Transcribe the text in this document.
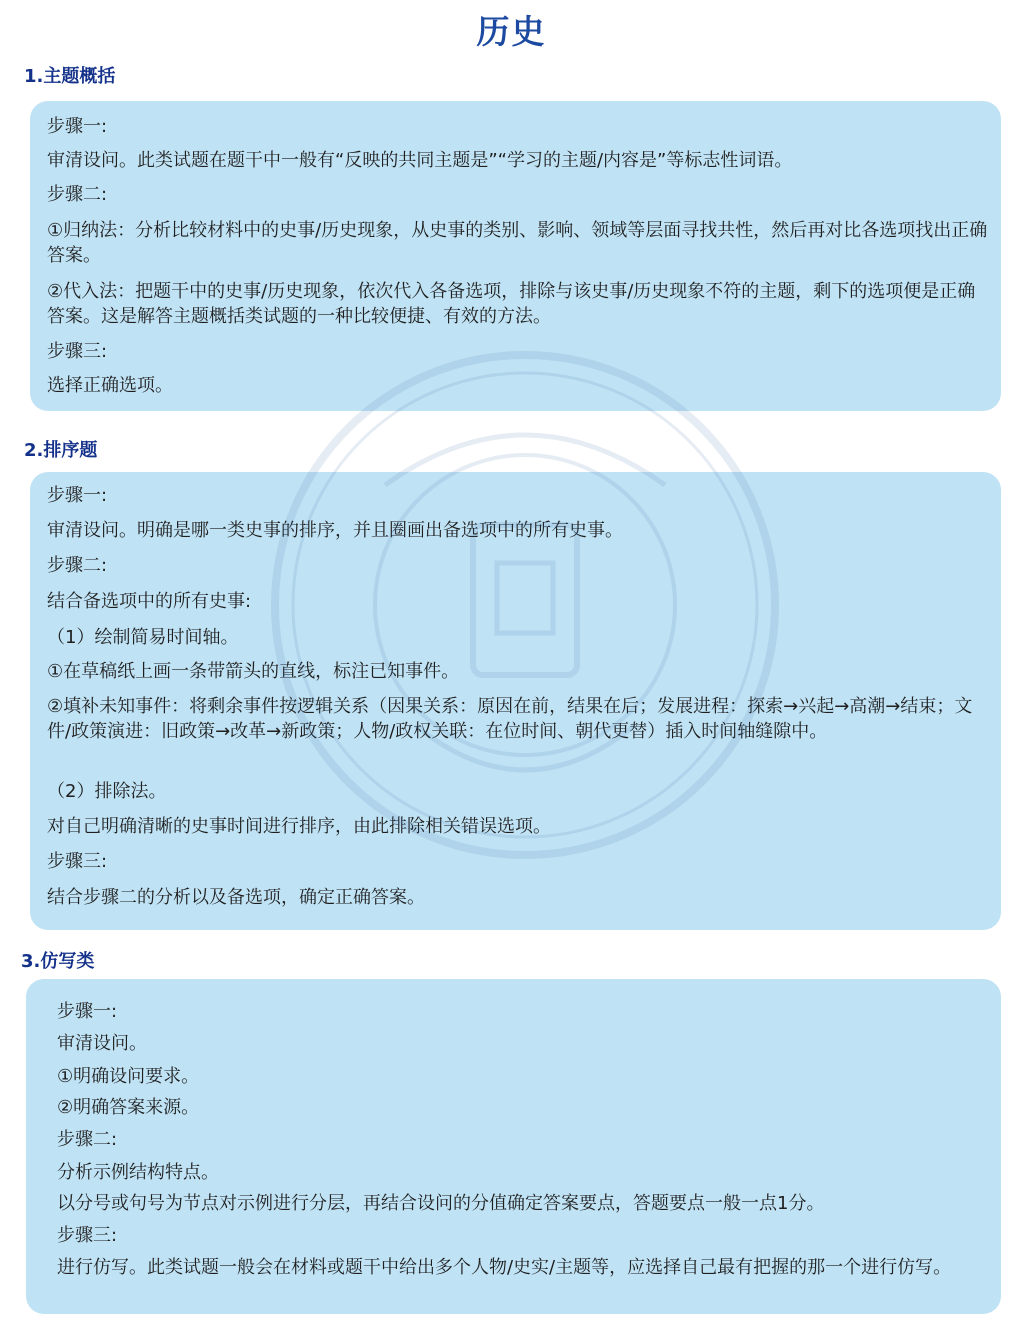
历史
1.主题概括
步骤一:
审清设问。此类试题在题干中一般有“反映的共同主题是”“学习的主题/内容是”等标志性词语。
步骤二:
①归纳法：分析比较材料中的史事/历史现象，从史事的类别、影响、领域等层面寻找共性，然后再对比各选项找出正确答案。
②代入法：把题干中的史事/历史现象，依次代入各备选项，排除与该史事/历史现象不符的主题，剩下的选项便是正确答案。这是解答主题概括类试题的一种比较便捷、有效的方法。
步骤三:
选择正确选项。
2.排序题
步骤一:
审清设问。明确是哪一类史事的排序，并且圈画出备选项中的所有史事。
步骤二:
结合备选项中的所有史事:
（1）绘制简易时间轴。
①在草稿纸上画一条带箭头的直线，标注已知事件。
②填补未知事件：将剩余事件按逻辑关系（因果关系：原因在前，结果在后；发展进程：探索→兴起→高潮→结束；文件/政策演进：旧政策→改革→新政策；人物/政权关联：在位时间、朝代更替）插入时间轴缝隙中。
（2）排除法。
对自己明确清晰的史事时间进行排序，由此排除相关错误选项。
步骤三:
结合步骤二的分析以及备选项，确定正确答案。
3.仿写类
步骤一:
审清设问。
①明确设问要求。
②明确答案来源。
步骤二:
分析示例结构特点。
以分号或句号为节点对示例进行分层，再结合设问的分值确定答案要点，答题要点一般一点1分。
步骤三:
进行仿写。此类试题一般会在材料或题干中给出多个人物/史实/主题等，应选择自己最有把握的那一个进行仿写。
